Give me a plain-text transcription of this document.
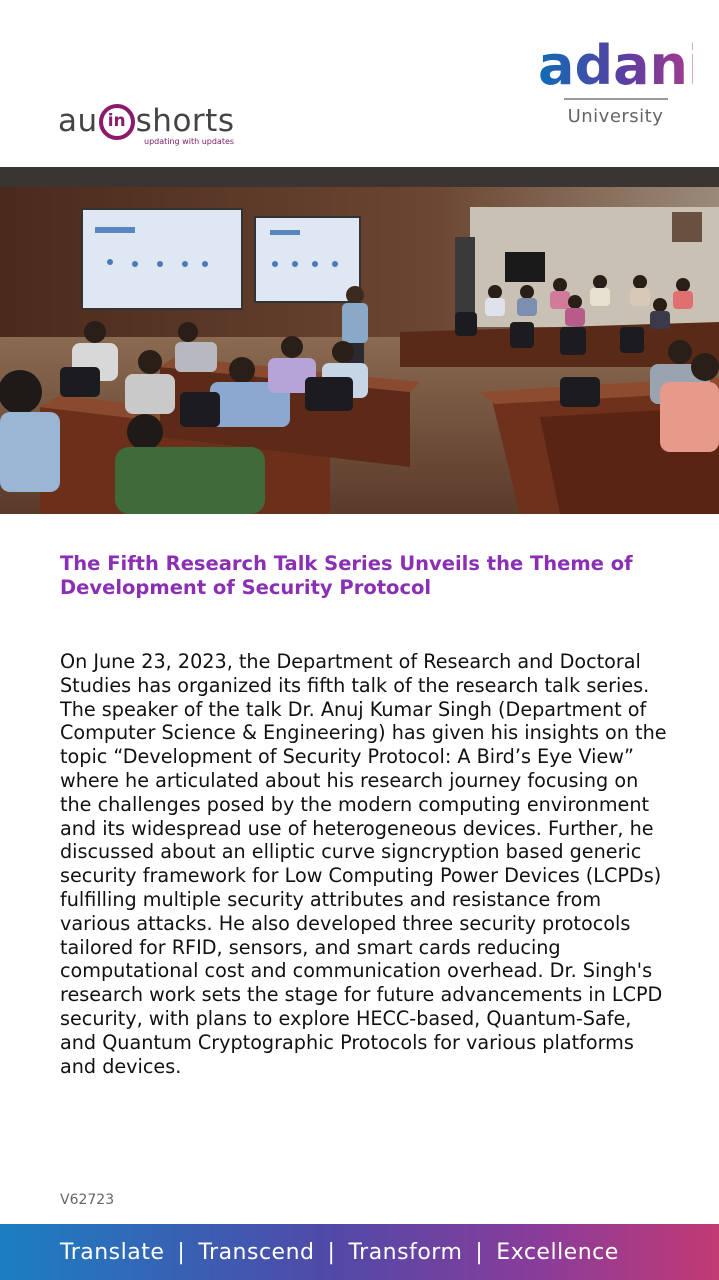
au in shorts
updating with updates
adani
University
The Fifth Research Talk Series Unveils the Theme of Development of Security Protocol
On June 23, 2023, the Department of Research and Doctoral Studies has organized its fifth talk of the research talk series. The speaker of the talk Dr. Anuj Kumar Singh (Department of Computer Science & Engineering) has given his insights on the topic “Development of Security Protocol: A Bird’s Eye View” where he articulated about his research journey focusing on the challenges posed by the modern computing environment and its widespread use of heterogeneous devices. Further, he discussed about an elliptic curve signcryption based generic security framework for Low Computing Power Devices (LCPDs) fulfilling multiple security attributes and resistance from various attacks. He also developed three security protocols tailored for RFID, sensors, and smart cards reducing computational cost and communication overhead. Dr. Singh's research work sets the stage for future advancements in LCPD security, with plans to explore HECC-based, Quantum-Safe, and Quantum Cryptographic Protocols for various platforms and devices.
V62723
Translate | Transcend | Transform | Excellence
